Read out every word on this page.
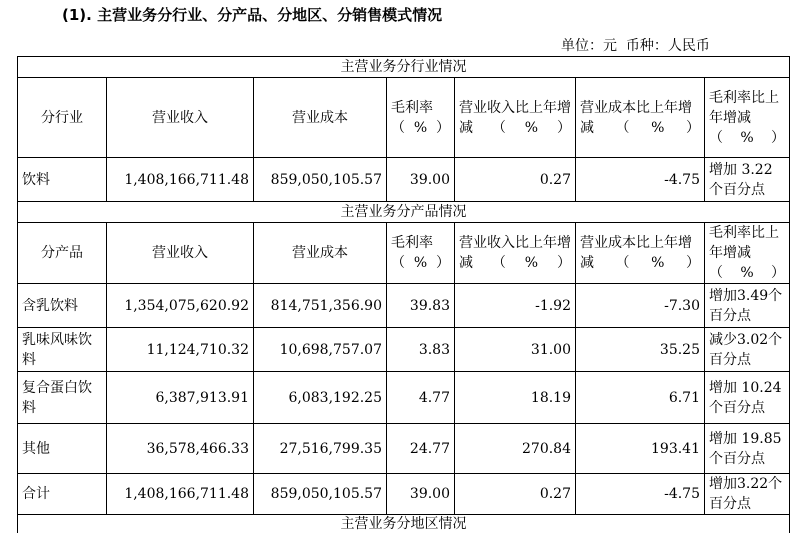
(1). 主营业务分行业、分产品、分地区、分销售模式情况
单位：元 币种：人民币
主营业务分行业情况						
分行业	营业收入	营业成本	毛利率（%）	营业收入比上年增减（%）	营业成本比上年增减（%）	毛利率比上年增减（%）
饮料	1,408,166,711.48	859,050,105.57	39.00	0.27	-4.75	增加 3.22 个百分点
主营业务分产品情况						
分产品	营业收入	营业成本	毛利率（%）	营业收入比上年增减（%）	营业成本比上年增减（%）	毛利率比上年增减（%）
含乳饮料	1,354,075,620.92	814,751,356.90	39.83	-1.92	-7.30	增加3.49个百分点
乳味风味饮料	11,124,710.32	10,698,757.07	3.83	31.00	35.25	减少3.02个百分点
复合蛋白饮料	6,387,913.91	6,083,192.25	4.77	18.19	6.71	增加 10.24 个百分点
其他	36,578,466.33	27,516,799.35	24.77	270.84	193.41	增加 19.85 个百分点
合计	1,408,166,711.48	859,050,105.57	39.00	0.27	-4.75	增加3.22个百分点
主营业务分地区情况						
